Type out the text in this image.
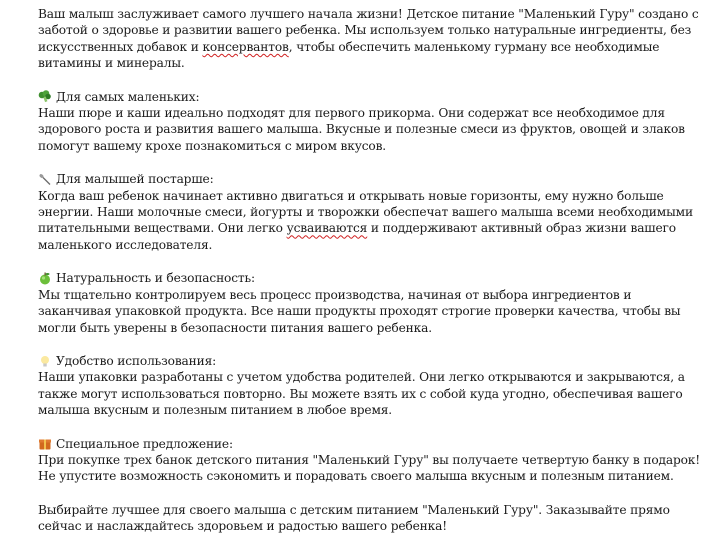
Ваш малыш заслуживает самого лучшего начала жизни! Детское питание "Маленький Гуру" создано с заботой о здоровье и развитии вашего ребенка. Мы используем только натуральные ингредиенты, без искусственных добавок и консервантов, чтобы обеспечить маленькому гурману все необходимые витамины и минералы.

Для самых маленьких:

Наши пюре и каши идеально подходят для первого прикорма. Они содержат все необходимое для здорового роста и развития вашего малыша. Вкусные и полезные смеси из фруктов, овощей и злаков помогут вашему крохе познакомиться с миром вкусов.

Для малышей постарше:

Когда ваш ребенок начинает активно двигаться и открывать новые горизонты, ему нужно больше энергии. Наши молочные смеси, йогурты и творожки обеспечат вашего малыша всеми необходимыми питательными веществами. Они легко усваиваются и поддерживают активный образ жизни вашего маленького исследователя.

Натуральность и безопасность:

Мы тщательно контролируем весь процесс производства, начиная от выбора ингредиентов и заканчивая упаковкой продукта. Все наши продукты проходят строгие проверки качества, чтобы вы могли быть уверены в безопасности питания вашего ребенка.

Удобство использования:

Наши упаковки разработаны с учетом удобства родителей. Они легко открываются и закрываются, а также могут использоваться повторно. Вы можете взять их с собой куда угодно, обеспечивая вашего малыша вкусным и полезным питанием в любое время.

Специальное предложение:

При покупке трех банок детского питания "Маленький Гуру" вы получаете четвертую банку в подарок! Не упустите возможность сэкономить и порадовать своего малыша вкусным и полезным питанием.

Выбирайте лучшее для своего малыша с детским питанием "Маленький Гуру". Заказывайте прямо сейчас и наслаждайтесь здоровьем и радостью вашего ребенка!
